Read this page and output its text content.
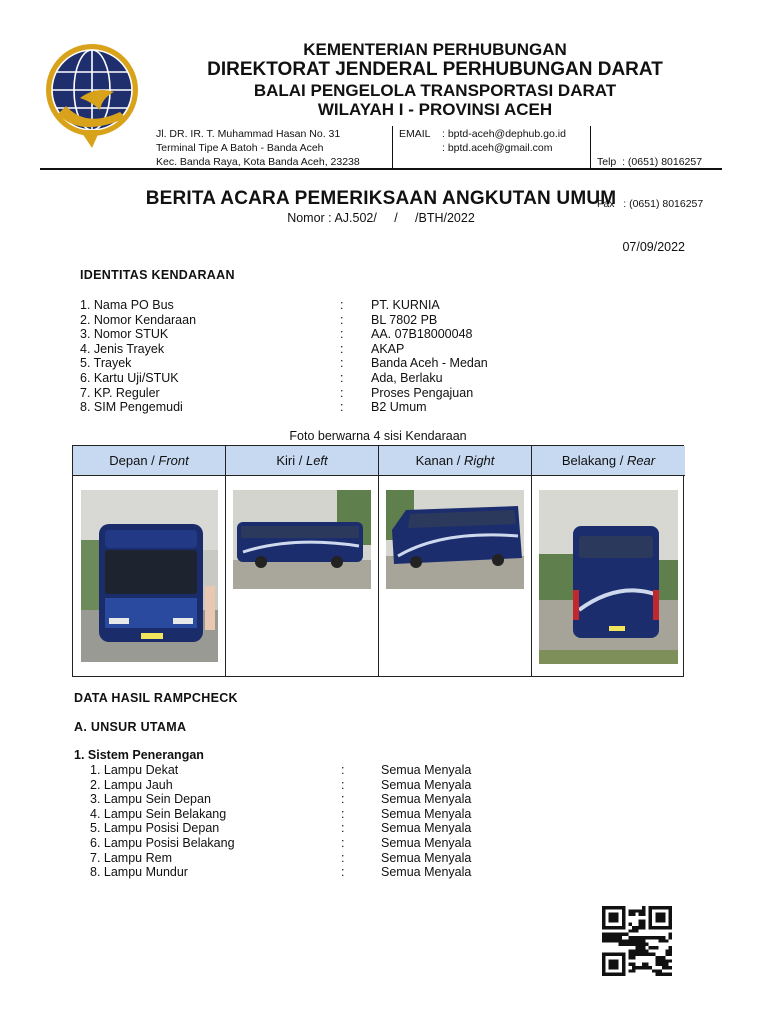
KEMENTERIAN PERHUBUNGAN
DIREKTORAT JENDERAL PERHUBUNGAN DARAT
BALAI PENGELOLA TRANSPORTASI DARAT
WILAYAH I - PROVINSI ACEH
Jl. DR. IR. T. Muhammad Hasan No. 31
Terminal Tipe A Batoh - Banda Aceh
Kec. Banda Raya, Kota Banda Aceh, 23238
EMAIL : bptd-aceh@dephub.go.id
: bptd.aceh@gmail.com

Telp  : (0651) 8016257

Fax   : (0651) 8016257

BERITA ACARA PEMERIKSAAN ANGKUTAN UMUM
Nomor : AJ.502/     /     /BTH/2022
07/09/2022
IDENTITAS KENDARAAN
1. Nama PO Bus	: PT. KURNIA
2. Nomor Kendaraan	: BL 7802 PB
3. Nomor STUK	: AA. 07B18000048
4. Jenis Trayek	: AKAP
5. Trayek	: Banda Aceh - Medan
6. Kartu Uji/STUK	: Ada, Berlaku
7. KP. Reguler	: Proses Pengajuan
8. SIM Pengemudi	: B2 Umum
Foto berwarna 4 sisi Kendaraan
Depan / Front	Kiri / Left	Kanan / Right	Belakang / Rear
DATA HASIL RAMPCHECK
A. UNSUR UTAMA
1. Sistem Penerangan
1. Lampu Dekat	:	Semua Menyala
2. Lampu Jauh	:	Semua Menyala
3. Lampu Sein Depan	:	Semua Menyala
4. Lampu Sein Belakang	:	Semua Menyala
5. Lampu Posisi Depan	:	Semua Menyala
6. Lampu Posisi Belakang	:	Semua Menyala
7. Lampu Rem	:	Semua Menyala
8. Lampu Mundur	:	Semua Menyala
